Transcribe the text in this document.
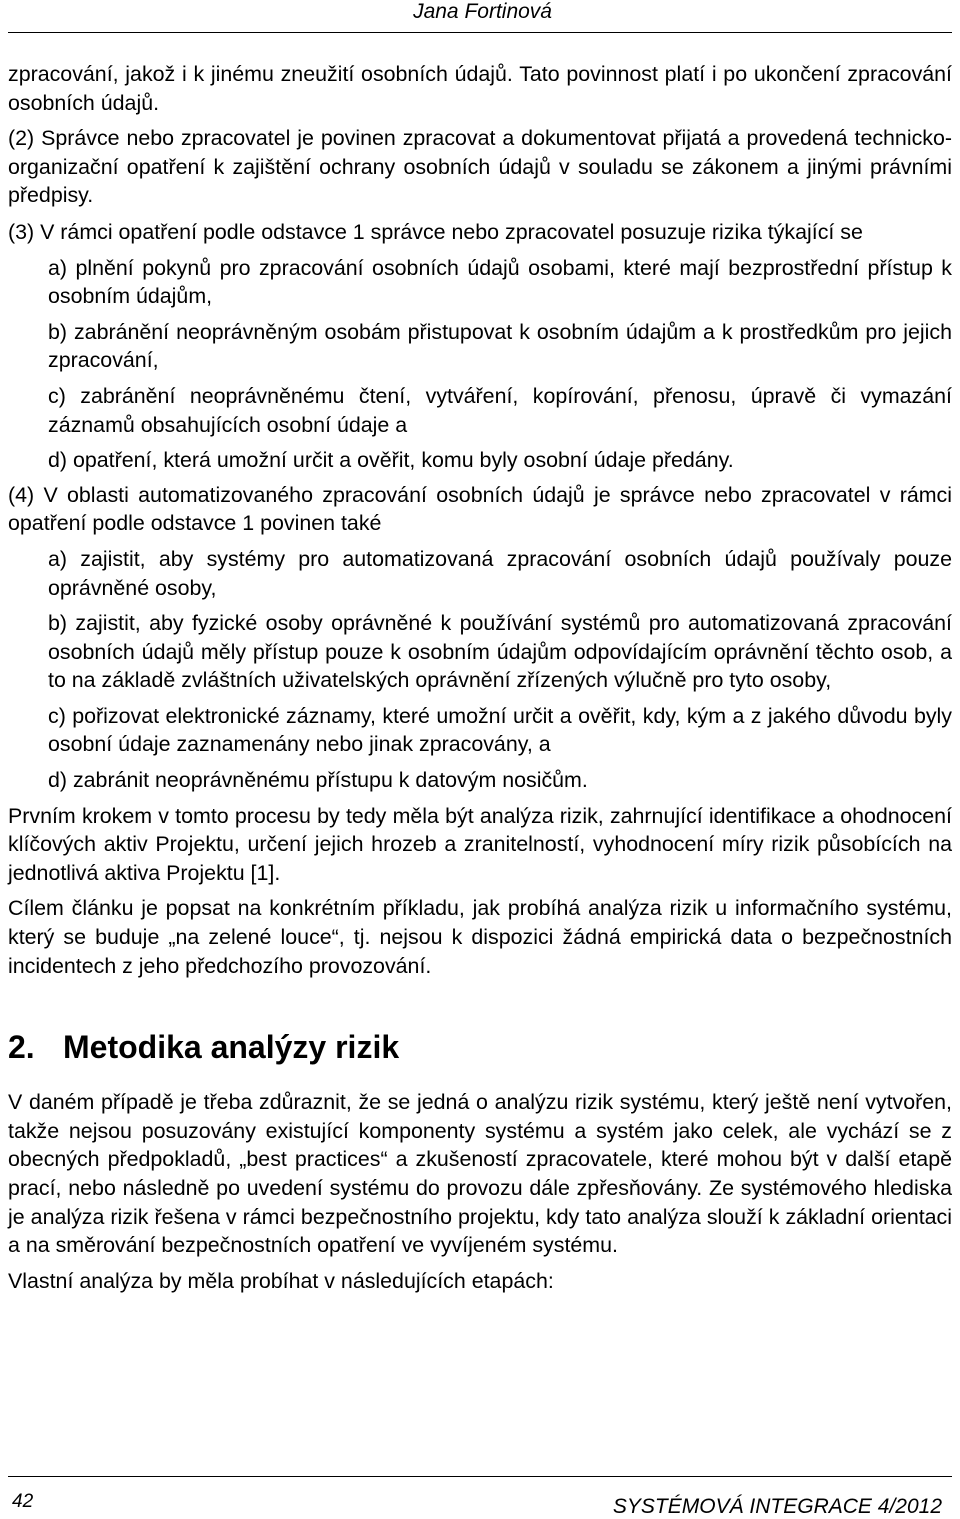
Jana Fortinová

zpracování, jakož i k jinému zneužití osobních údajů. Tato povinnost platí i po ukončení zpracování osobních údajů.

(2) Správce nebo zpracovatel je povinen zpracovat a dokumentovat přijatá a provedená technicko-organizační opatření k zajištění ochrany osobních údajů v souladu se zákonem a jinými právními předpisy.

(3) V rámci opatření podle odstavce 1 správce nebo zpracovatel posuzuje rizika týkající se

a) plnění pokynů pro zpracování osobních údajů osobami, které mají bezprostřední přístup k osobním údajům,

b) zabránění neoprávněným osobám přistupovat k osobním údajům a k prostředkům pro jejich zpracování,

c) zabránění neoprávněnému čtení, vytváření, kopírování, přenosu, úpravě či vymazání záznamů obsahujících osobní údaje a

d) opatření, která umožní určit a ověřit, komu byly osobní údaje předány.

(4) V oblasti automatizovaného zpracování osobních údajů je správce nebo zpracovatel v rámci opatření podle odstavce 1 povinen také

a) zajistit, aby systémy pro automatizovaná zpracování osobních údajů používaly pouze oprávněné osoby,

b) zajistit, aby fyzické osoby oprávněné k používání systémů pro automatizovaná zpracování osobních údajů měly přístup pouze k osobním údajům odpovídajícím oprávnění těchto osob, a to na základě zvláštních uživatelských oprávnění zřízených výlučně pro tyto osoby,

c) pořizovat elektronické záznamy, které umožní určit a ověřit, kdy, kým a z jakého důvodu byly osobní údaje zaznamenány nebo jinak zpracovány, a

d) zabránit neoprávněnému přístupu k datovým nosičům.

Prvním krokem v tomto procesu by tedy měla být analýza rizik, zahrnující identifikace a ohodnocení klíčových aktiv Projektu, určení jejich hrozeb a zranitelností, vyhodnocení míry rizik působících na jednotlivá aktiva Projektu [1].

Cílem článku je popsat na konkrétním příkladu, jak probíhá analýza rizik u informačního systému, který se buduje „na zelené louce“, tj. nejsou k dispozici žádná empirická data o bezpečnostních incidentech z jeho předchozího provozování.

2. Metodika analýzy rizik

V daném případě je třeba zdůraznit, že se jedná o analýzu rizik systému, který ještě není vytvořen, takže nejsou posuzovány existující komponenty systému a systém jako celek, ale vychází se z obecných předpokladů, „best practices“ a zkušeností zpracovatele, které mohou být v další etapě prací, nebo následně po uvedení systému do provozu dále zpřesňovány. Ze systémového hlediska je analýza rizik řešena v rámci bezpečnostního projektu, kdy tato analýza slouží k základní orientaci a na směrování bezpečnostních opatření ve vyvíjeném systému.

Vlastní analýza by měla probíhat v následujících etapách:

42	SYSTÉMOVÁ INTEGRACE 4/2012
